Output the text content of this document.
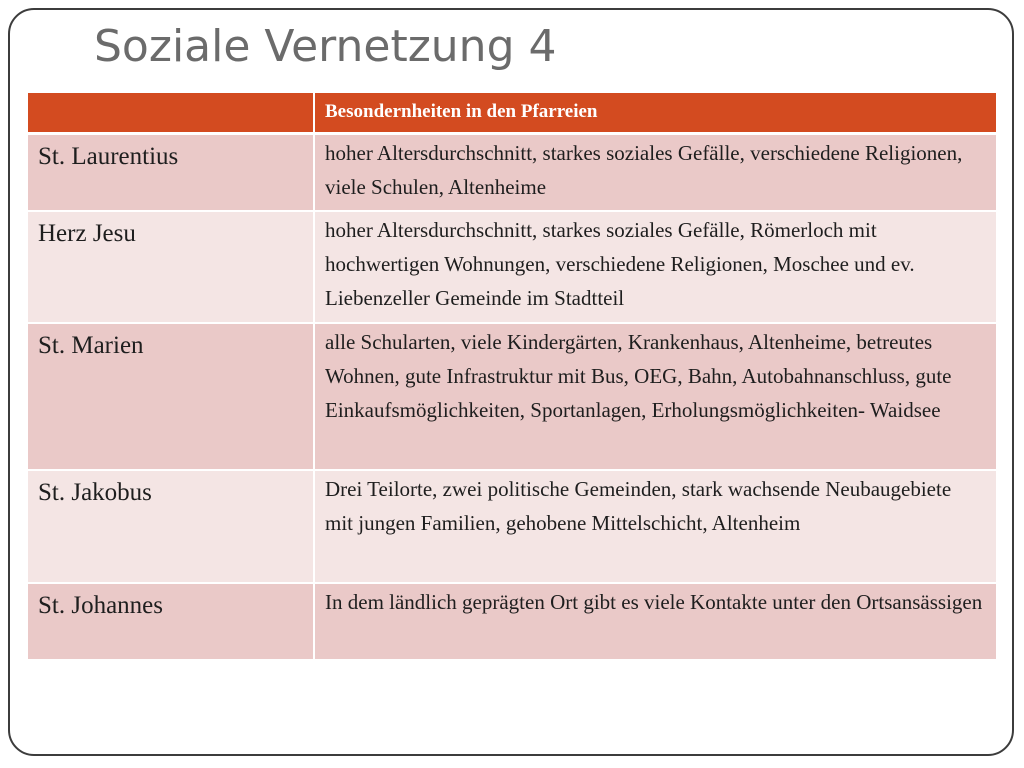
Soziale Vernetzung 4
	Besondernheiten in den Pfarreien
St. Laurentius	hoher Altersdurchschnitt, starkes soziales Gefälle, verschiedene Religionen, viele Schulen, Altenheime
Herz Jesu	hoher Altersdurchschnitt, starkes soziales Gefälle, Römerloch mit hochwertigen Wohnungen, verschiedene Religionen, Moschee und ev. Liebenzeller Gemeinde im Stadtteil
St. Marien	alle Schularten, viele Kindergärten, Krankenhaus, Altenheime, betreutes Wohnen, gute Infrastruktur mit Bus, OEG, Bahn, Autobahnanschluss, gute Einkaufsmöglichkeiten, Sportanlagen, Erholungsmöglichkeiten- Waidsee
St. Jakobus	Drei Teilorte, zwei politische Gemeinden, stark wachsende Neubaugebiete mit jungen Familien, gehobene Mittelschicht, Altenheim
St. Johannes	In dem ländlich geprägten Ort gibt es viele Kontakte unter den Ortsansässigen
